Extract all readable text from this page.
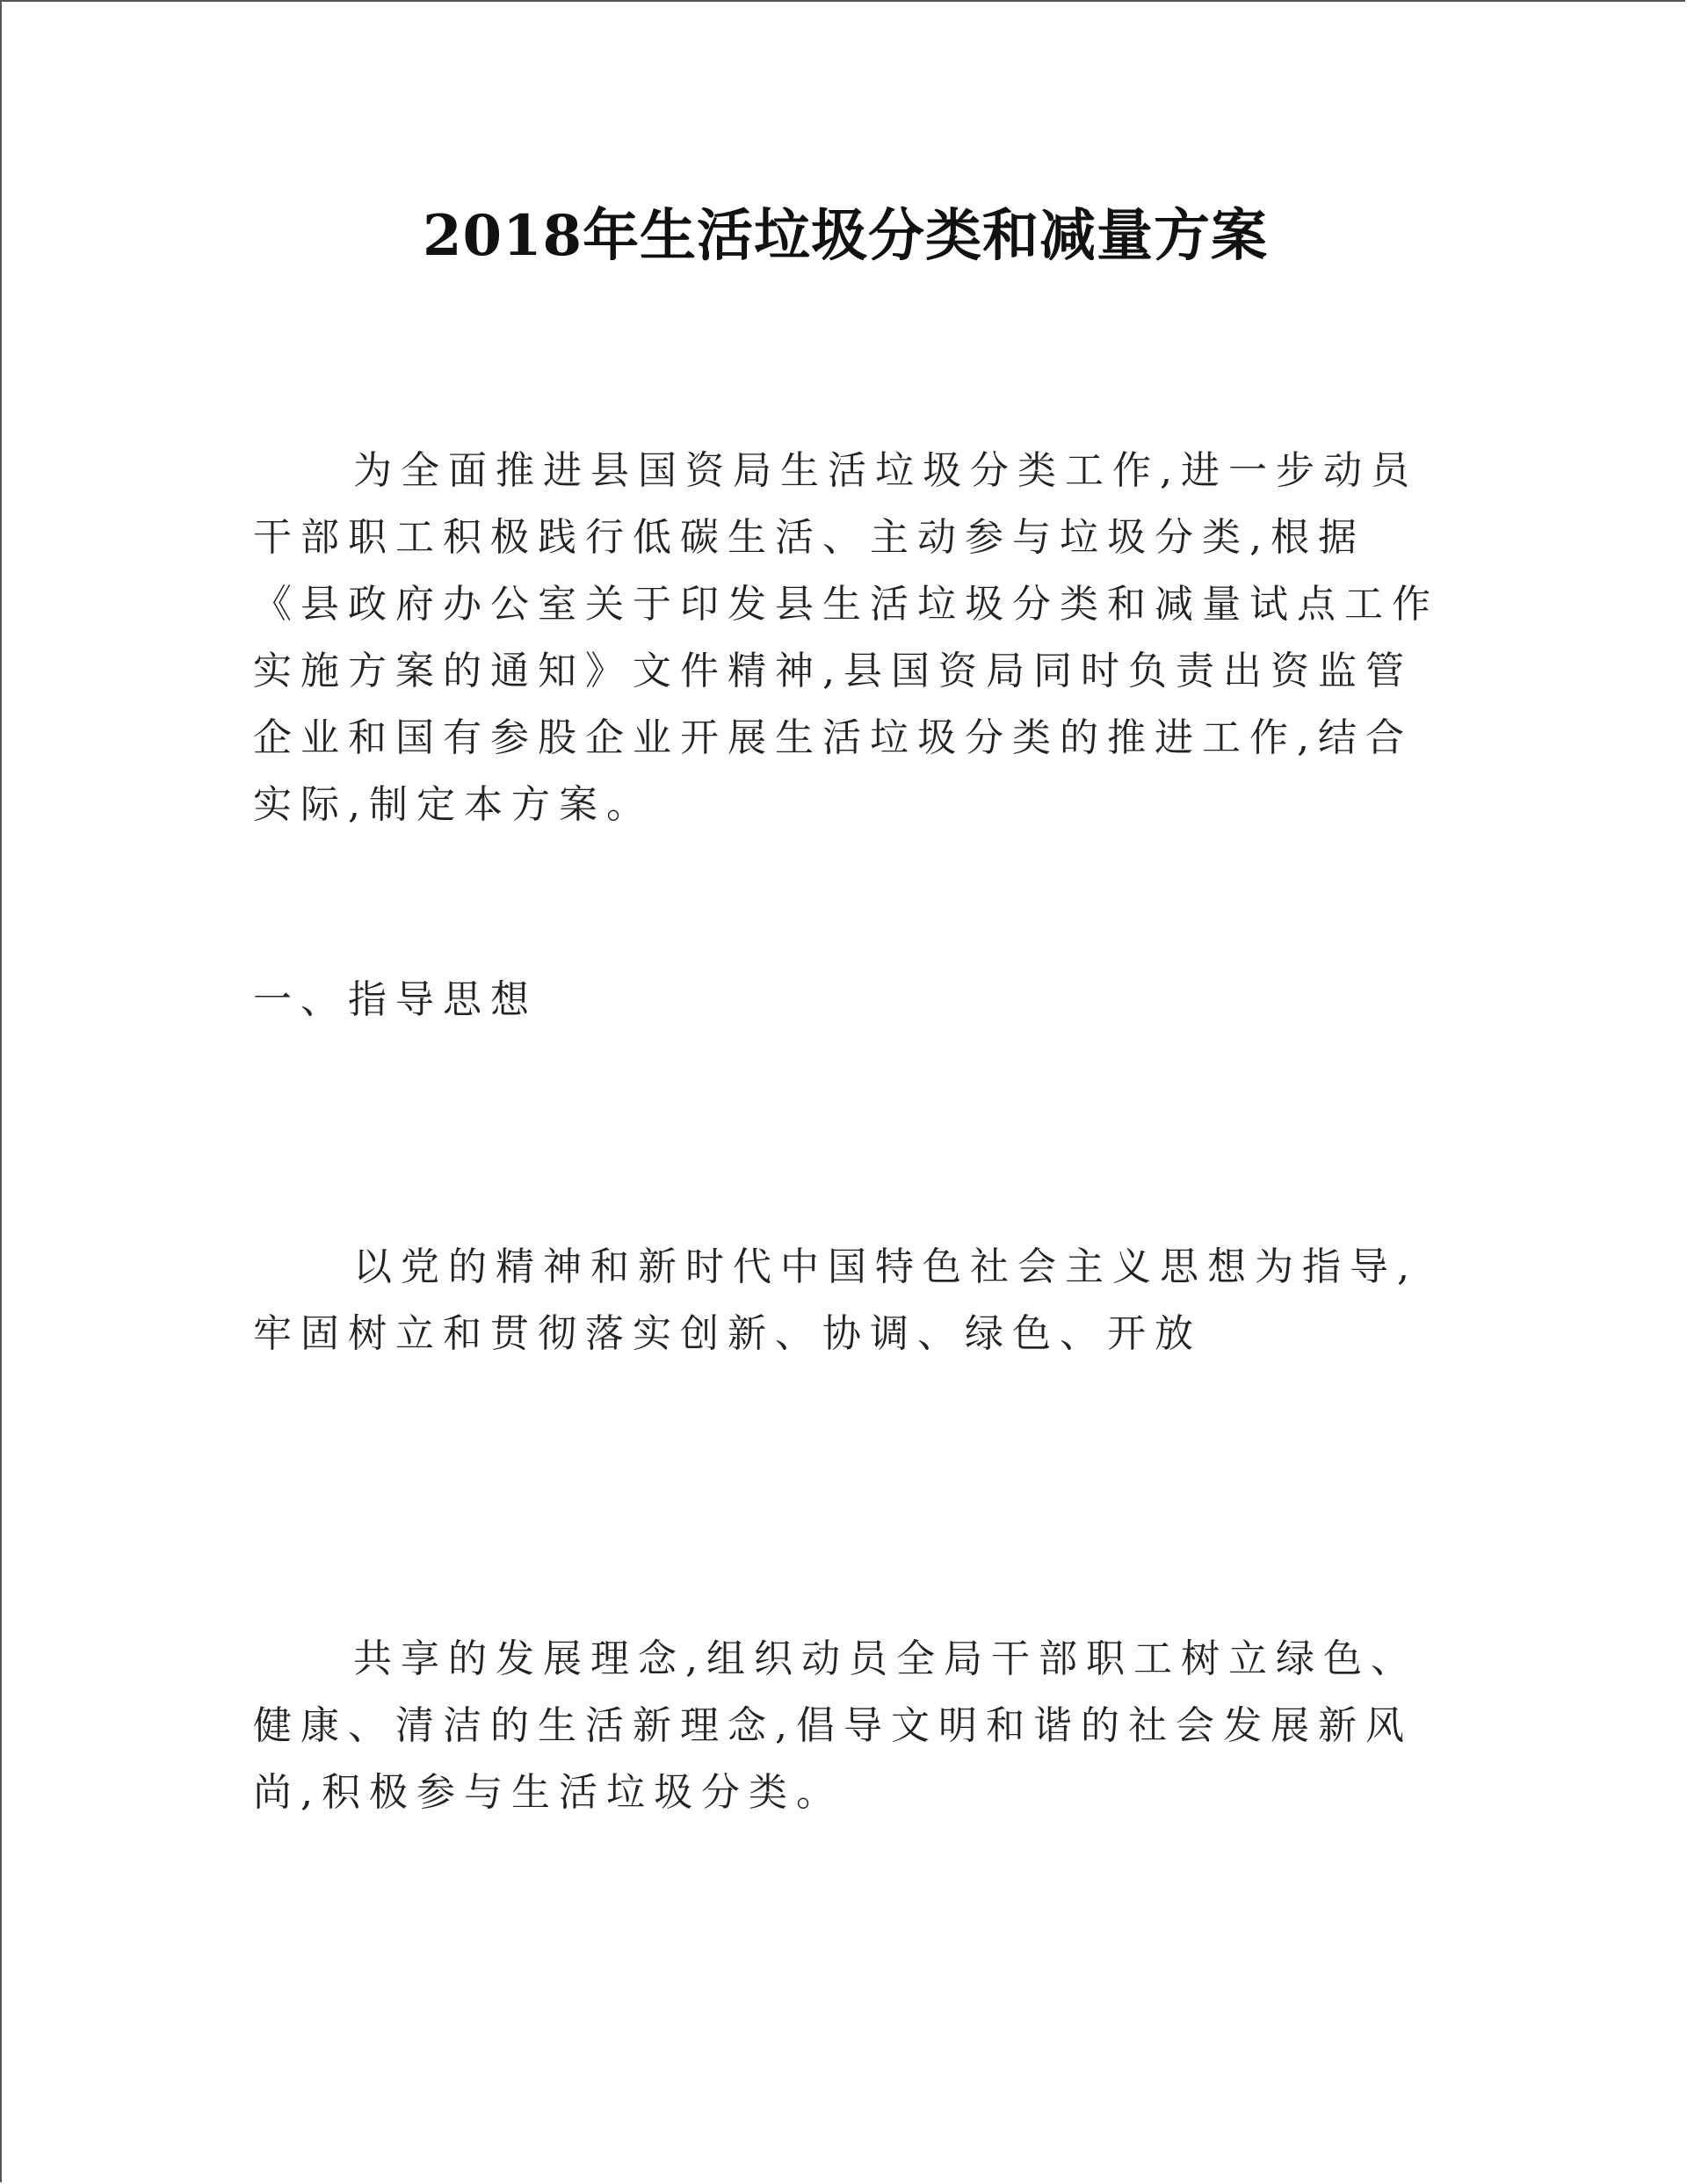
2018年生活垃圾分类和减量方案

为全面推进县国资局生活垃圾分类工作,进一步动员干部职工积极践行低碳生活、主动参与垃圾分类,根据《县政府办公室关于印发县生活垃圾分类和减量试点工作实施方案的通知》文件精神,县国资局同时负责出资监管企业和国有参股企业开展生活垃圾分类的推进工作,结合实际,制定本方案。

一、指导思想

以党的精神和新时代中国特色社会主义思想为指导,牢固树立和贯彻落实创新、协调、绿色、开放

共享的发展理念,组织动员全局干部职工树立绿色、健康、清洁的生活新理念,倡导文明和谐的社会发展新风尚,积极参与生活垃圾分类。
